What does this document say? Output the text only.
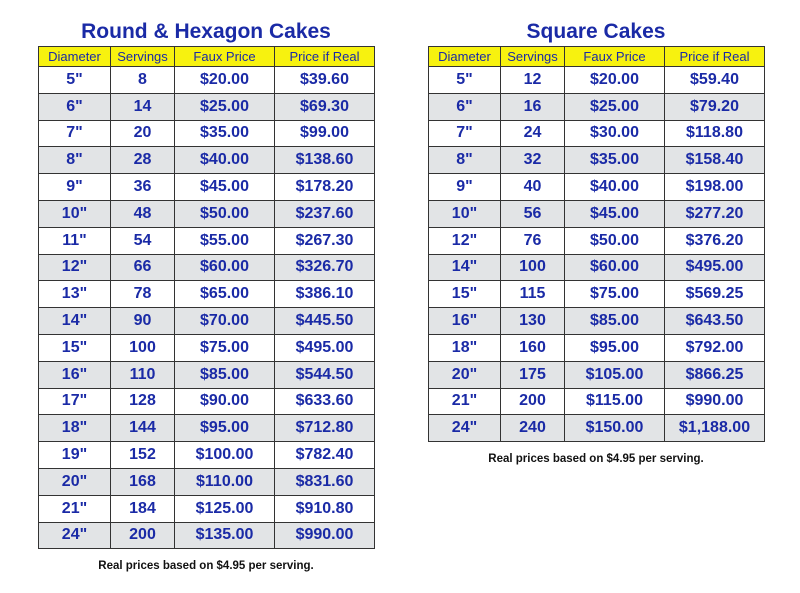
Round & Hexagon Cakes
Diameter	Servings	Faux Price	Price if Real
5"	8	$20.00	$39.60
6"	14	$25.00	$69.30
7"	20	$35.00	$99.00
8"	28	$40.00	$138.60
9"	36	$45.00	$178.20
10"	48	$50.00	$237.60
11"	54	$55.00	$267.30
12"	66	$60.00	$326.70
13"	78	$65.00	$386.10
14"	90	$70.00	$445.50
15"	100	$75.00	$495.00
16"	110	$85.00	$544.50
17"	128	$90.00	$633.60
18"	144	$95.00	$712.80
19"	152	$100.00	$782.40
20"	168	$110.00	$831.60
21"	184	$125.00	$910.80
24"	200	$135.00	$990.00
Real prices based on $4.95 per serving.
Square Cakes
Diameter	Servings	Faux Price	Price if Real
5"	12	$20.00	$59.40
6"	16	$25.00	$79.20
7"	24	$30.00	$118.80
8"	32	$35.00	$158.40
9"	40	$40.00	$198.00
10"	56	$45.00	$277.20
12"	76	$50.00	$376.20
14"	100	$60.00	$495.00
15"	115	$75.00	$569.25
16"	130	$85.00	$643.50
18"	160	$95.00	$792.00
20"	175	$105.00	$866.25
21"	200	$115.00	$990.00
24"	240	$150.00	$1,188.00
Real prices based on $4.95 per serving.
